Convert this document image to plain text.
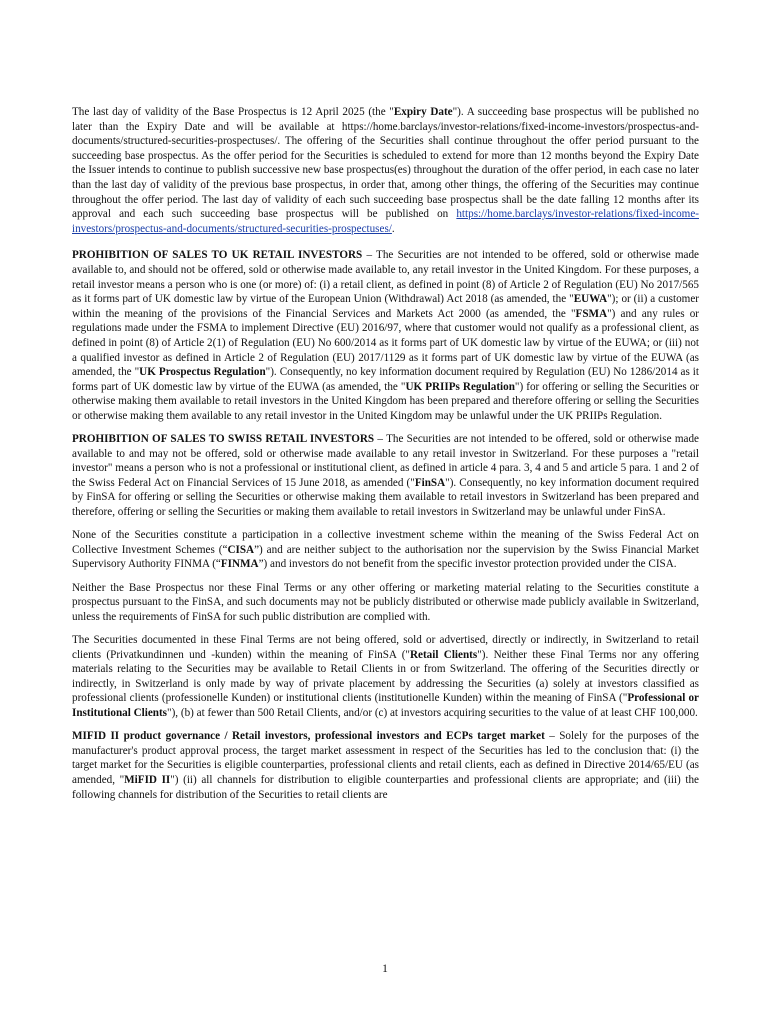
The last day of validity of the Base Prospectus is 12 April 2025 (the "Expiry Date"). A succeeding base prospectus will be published no later than the Expiry Date and will be available at https://home.barclays/investor-relations/fixed-income-investors/prospectus-and-documents/structured-securities-prospectuses/. The offering of the Securities shall continue throughout the offer period pursuant to the succeeding base prospectus. As the offer period for the Securities is scheduled to extend for more than 12 months beyond the Expiry Date the Issuer intends to continue to publish successive new base prospectus(es) throughout the duration of the offer period, in each case no later than the last day of validity of the previous base prospectus, in order that, among other things, the offering of the Securities may continue throughout the offer period. The last day of validity of each such succeeding base prospectus shall be the date falling 12 months after its approval and each such succeeding base prospectus will be published on https://home.barclays/investor-relations/fixed-income-investors/prospectus-and-documents/structured-securities-prospectuses/.

PROHIBITION OF SALES TO UK RETAIL INVESTORS – The Securities are not intended to be offered, sold or otherwise made available to, and should not be offered, sold or otherwise made available to, any retail investor in the United Kingdom. For these purposes, a retail investor means a person who is one (or more) of: (i) a retail client, as defined in point (8) of Article 2 of Regulation (EU) No 2017/565 as it forms part of UK domestic law by virtue of the European Union (Withdrawal) Act 2018 (as amended, the "EUWA"); or (ii) a customer within the meaning of the provisions of the Financial Services and Markets Act 2000 (as amended, the "FSMA") and any rules or regulations made under the FSMA to implement Directive (EU) 2016/97, where that customer would not qualify as a professional client, as defined in point (8) of Article 2(1) of Regulation (EU) No 600/2014 as it forms part of UK domestic law by virtue of the EUWA; or (iii) not a qualified investor as defined in Article 2 of Regulation (EU) 2017/1129 as it forms part of UK domestic law by virtue of the EUWA (as amended, the "UK Prospectus Regulation"). Consequently, no key information document required by Regulation (EU) No 1286/2014 as it forms part of UK domestic law by virtue of the EUWA (as amended, the "UK PRIIPs Regulation") for offering or selling the Securities or otherwise making them available to retail investors in the United Kingdom has been prepared and therefore offering or selling the Securities or otherwise making them available to any retail investor in the United Kingdom may be unlawful under the UK PRIIPs Regulation.

PROHIBITION OF SALES TO SWISS RETAIL INVESTORS – The Securities are not intended to be offered, sold or otherwise made available to and may not be offered, sold or otherwise made available to any retail investor in Switzerland. For these purposes a "retail investor" means a person who is not a professional or institutional client, as defined in article 4 para. 3, 4 and 5 and article 5 para. 1 and 2 of the Swiss Federal Act on Financial Services of 15 June 2018, as amended ("FinSA"). Consequently, no key information document required by FinSA for offering or selling the Securities or otherwise making them available to retail investors in Switzerland has been prepared and therefore, offering or selling the Securities or making them available to retail investors in Switzerland may be unlawful under FinSA.

None of the Securities constitute a participation in a collective investment scheme within the meaning of the Swiss Federal Act on Collective Investment Schemes (“CISA”) and are neither subject to the authorisation nor the supervision by the Swiss Financial Market Supervisory Authority FINMA (“FINMA”) and investors do not benefit from the specific investor protection provided under the CISA.

Neither the Base Prospectus nor these Final Terms or any other offering or marketing material relating to the Securities constitute a prospectus pursuant to the FinSA, and such documents may not be publicly distributed or otherwise made publicly available in Switzerland, unless the requirements of FinSA for such public distribution are complied with.

The Securities documented in these Final Terms are not being offered, sold or advertised, directly or indirectly, in Switzerland to retail clients (Privatkundinnen und -kunden) within the meaning of FinSA ("Retail Clients"). Neither these Final Terms nor any offering materials relating to the Securities may be available to Retail Clients in or from Switzerland. The offering of the Securities directly or indirectly, in Switzerland is only made by way of private placement by addressing the Securities (a) solely at investors classified as professional clients (professionelle Kunden) or institutional clients (institutionelle Kunden) within the meaning of FinSA ("Professional or Institutional Clients"), (b) at fewer than 500 Retail Clients, and/or (c) at investors acquiring securities to the value of at least CHF 100,000.

MIFID II product governance / Retail investors, professional investors and ECPs target market – Solely for the purposes of the manufacturer's product approval process, the target market assessment in respect of the Securities has led to the conclusion that: (i) the target market for the Securities is eligible counterparties, professional clients and retail clients, each as defined in Directive 2014/65/EU (as amended, "MiFID II") (ii) all channels for distribution to eligible counterparties and professional clients are appropriate; and (iii) the following channels for distribution of the Securities to retail clients are

1
